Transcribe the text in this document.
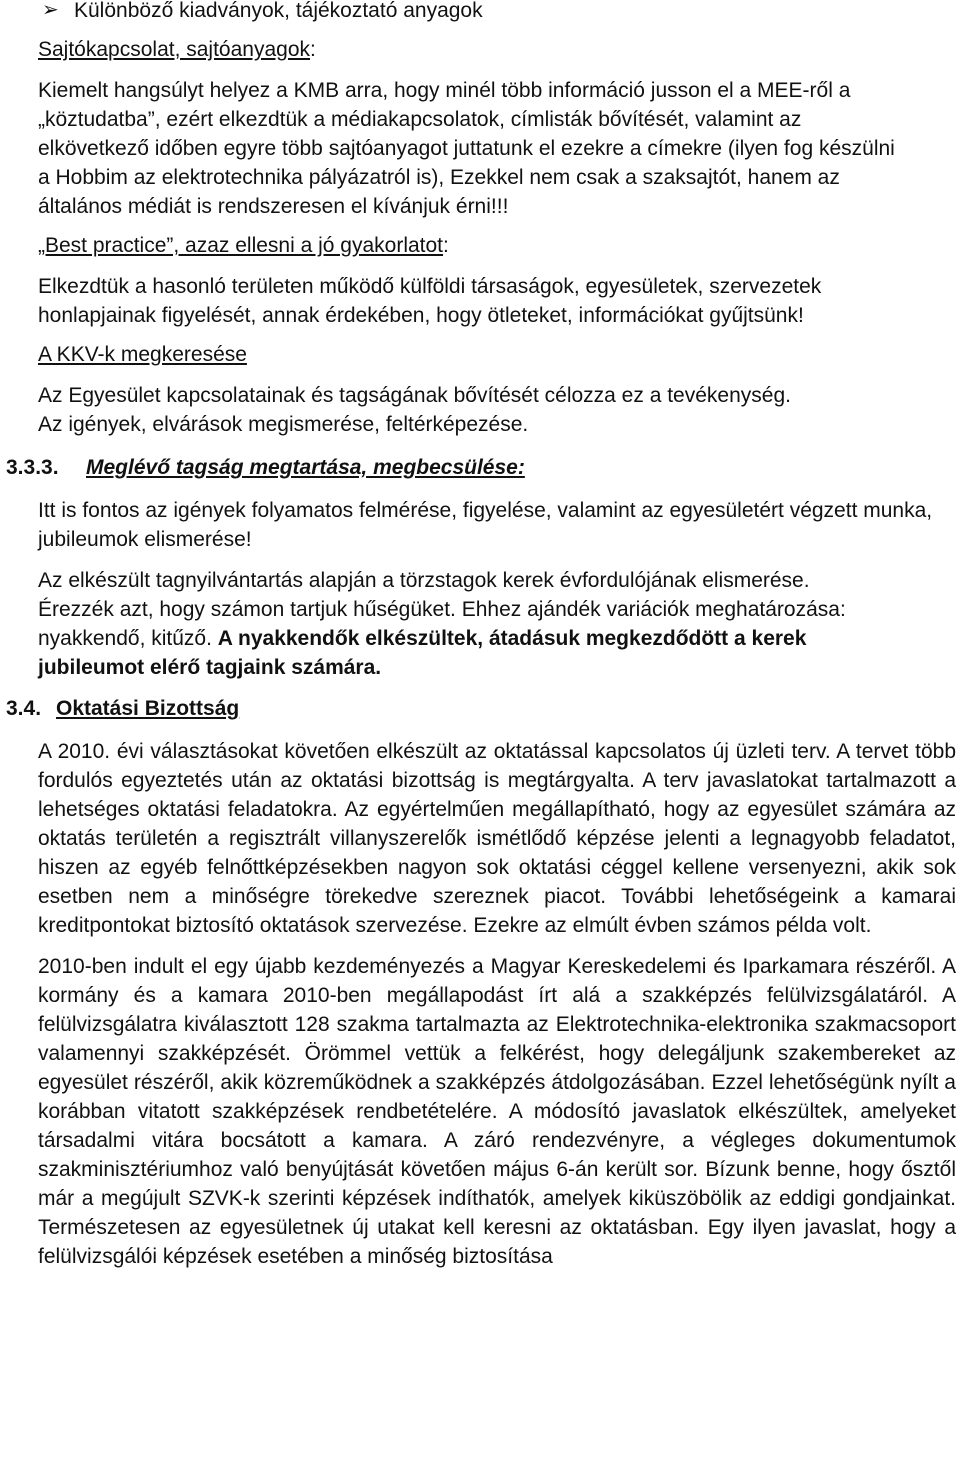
➢ Különböző kiadványok, tájékoztató anyagok

Sajtókapcsolat, sajtóanyagok:

Kiemelt hangsúlyt helyez a KMB arra, hogy minél több információ jusson el a MEE-ről a „köztudatba”, ezért elkezdtük a médiakapcsolatok, címlisták bővítését, valamint az elkövetkező időben egyre több sajtóanyagot juttatunk el ezekre a címekre (ilyen fog készülni a Hobbim az elektrotechnika pályázatról is), Ezekkel nem csak a szaksajtót, hanem az általános médiát is rendszeresen el kívánjuk érni!!!

„Best practice”, azaz ellesni a jó gyakorlatot:

Elkezdtük a hasonló területen működő külföldi társaságok, egyesületek, szervezetek honlapjainak figyelését, annak érdekében, hogy ötleteket, információkat gyűjtsünk!

A KKV-k megkeresése

Az Egyesület kapcsolatainak és tagságának bővítését célozza ez a tevékenység.

Az igények, elvárások megismerése, feltérképezése.

3.3.3.	Meglévő tagság megtartása, megbecsülése:

Itt is fontos az igények folyamatos felmérése, figyelése, valamint az egyesületért végzett munka, jubileumok elismerése!

Az elkészült tagnyilvántartás alapján a törzstagok kerek évfordulójának elismerése. Érezzék azt, hogy számon tartjuk hűségüket. Ehhez ajándék variációk meghatározása: nyakkendő, kitűző. A nyakkendők elkészültek, átadásuk megkezdődött a kerek jubileumot elérő tagjaink számára.

3.4. Oktatási Bizottság

A 2010. évi választásokat követően elkészült az oktatással kapcsolatos új üzleti terv. A tervet több fordulós egyeztetés után az oktatási bizottság is megtárgyalta. A terv javaslatokat tartalmazott a lehetséges oktatási feladatokra. Az egyértelműen megállapítható, hogy az egyesület számára az oktatás területén a regisztrált villanyszerelők ismétlődő képzése jelenti a legnagyobb feladatot, hiszen az egyéb felnőttképzésekben nagyon sok oktatási céggel kellene versenyezni, akik sok esetben nem a minőségre törekedve szereznek piacot. További lehetőségeink a kamarai kreditpontokat biztosító oktatások szervezése. Ezekre az elmúlt évben számos példa volt.

2010-ben indult el egy újabb kezdeményezés a Magyar Kereskedelemi és Iparkamara részéről. A kormány és a kamara 2010-ben megállapodást írt alá a szakképzés felülvizsgálatáról. A felülvizsgálatra kiválasztott 128 szakma tartalmazta az Elektrotechnika-elektronika szakmacsoport valamennyi szakképzését. Örömmel vettük a felkérést, hogy delegáljunk szakembereket az egyesület részéről, akik közreműködnek a szakképzés átdolgozásában. Ezzel lehetőségünk nyílt a korábban vitatott szakképzések rendbetételére. A módosító javaslatok elkészültek, amelyeket társadalmi vitára bocsátott a kamara. A záró rendezvényre, a végleges dokumentumok szakminisztériumhoz való benyújtását követően május 6-án került sor. Bízunk benne, hogy ősztől már a megújult SZVK-k szerinti képzések indíthatók, amelyek kiküszöbölik az eddigi gondjainkat. Természetesen az egyesületnek új utakat kell keresni az oktatásban. Egy ilyen javaslat, hogy a felülvizsgálói képzések esetében a minőség biztosítása
